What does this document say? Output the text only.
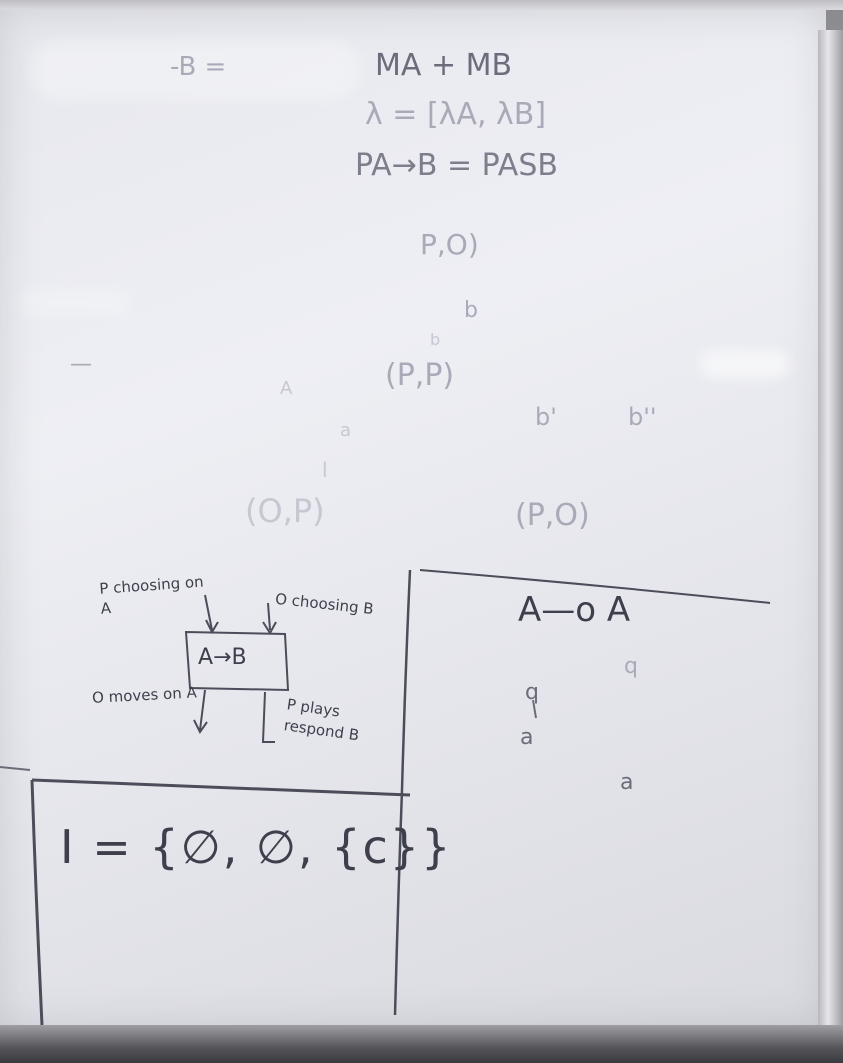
-B =	MA + MB
λ = [λA, λB]
PA→B = PASB
P,O)
b
b
(P,P)
A
a
l
(O,P)	(P,O)
b'	b''
—
P choosing on A	O choosing B
A→B
O moves on A
P plays respond B
A—o A
q
q
a
a
I = {∅, ∅, {c}}
